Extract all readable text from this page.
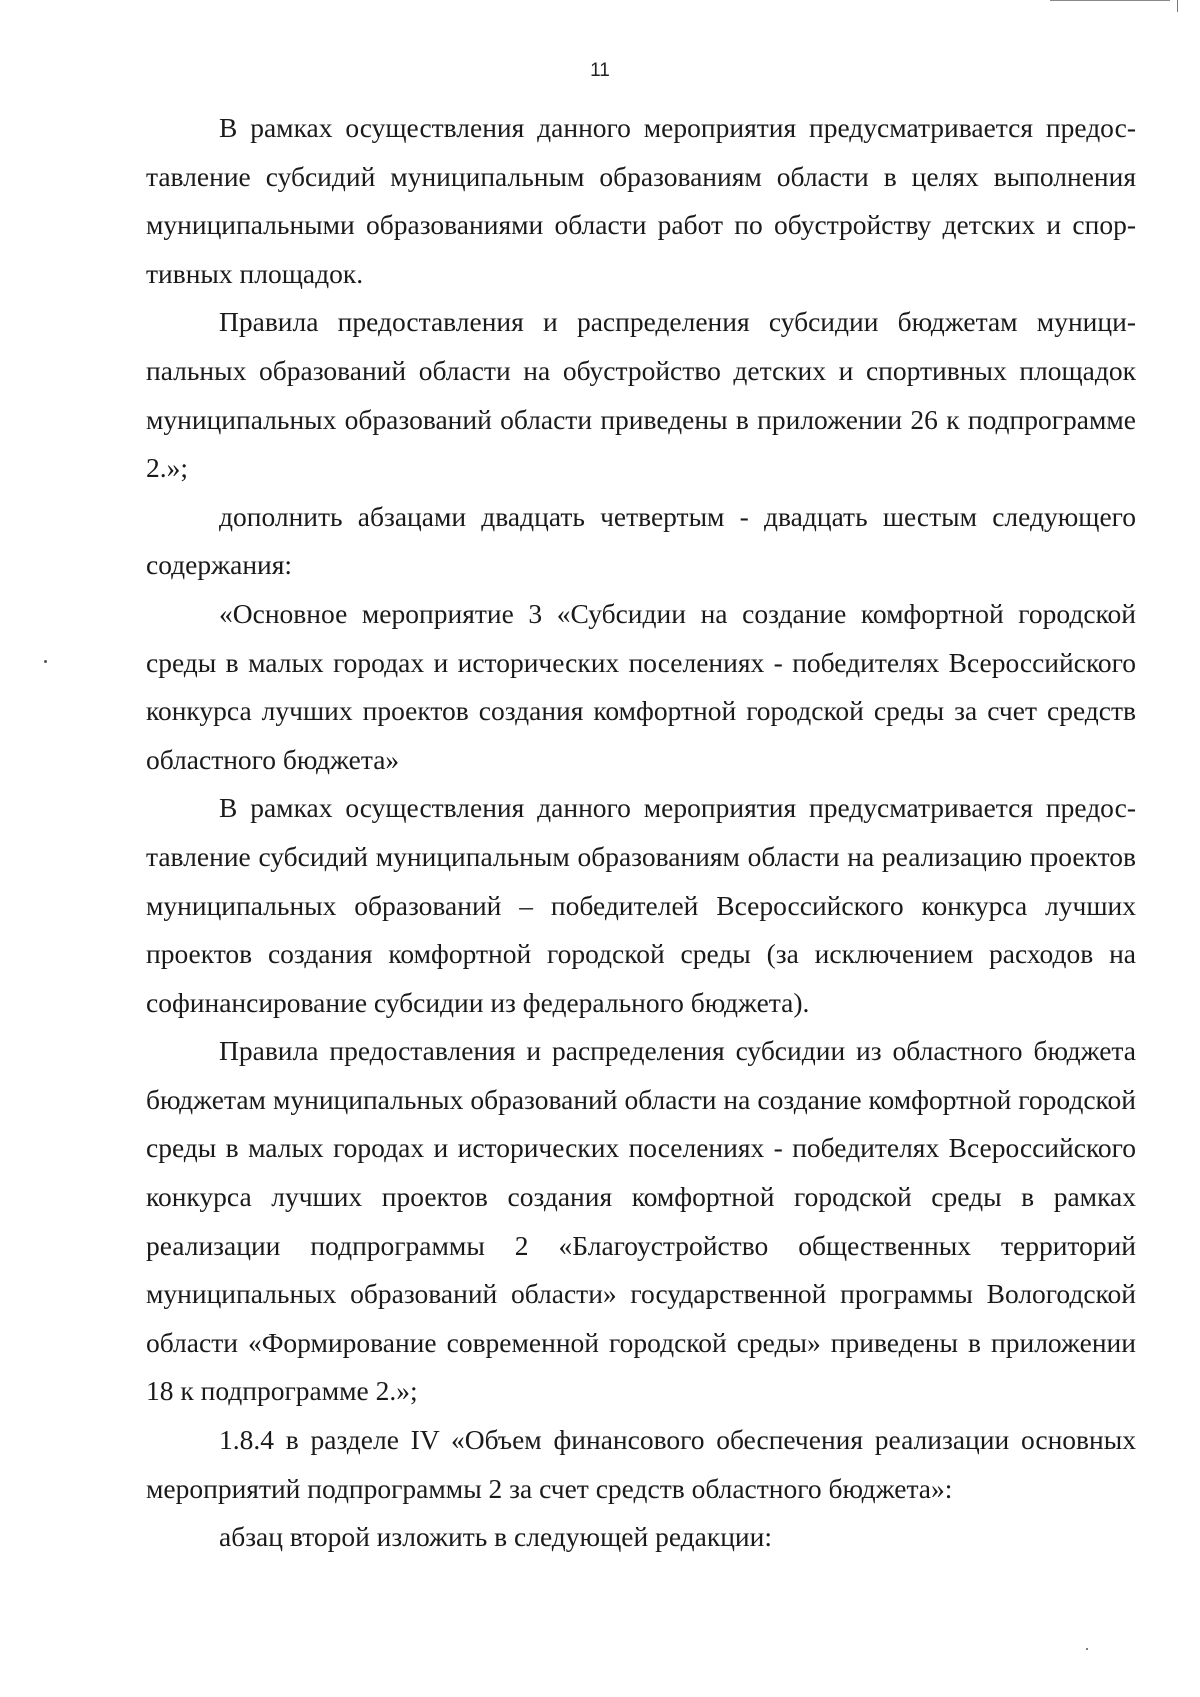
11

В рамках осуществления данного мероприятия предусматривается предоставление субсидий муниципальным образованиям области в целях выполнения муниципальными образованиями области работ по обустройству детских и спортивных площадок.

Правила предоставления и распределения субсидии бюджетам муниципальных образований области на обустройство детских и спортивных площадок муниципальных образований области приведены в приложении 26 к подпрограмме 2.»;

дополнить абзацами двадцать четвертым - двадцать шестым следующего содержания:

«Основное мероприятие 3 «Субсидии на создание комфортной городской среды в малых городах и исторических поселениях - победителях Всероссийского конкурса лучших проектов создания комфортной городской среды за счет средств областного бюджета»

В рамках осуществления данного мероприятия предусматривается предоставление субсидий муниципальным образованиям области на реализацию проектов муниципальных образований – победителей Всероссийского конкурса лучших проектов создания комфортной городской среды (за исключением расходов на софинансирование субсидии из федерального бюджета).

Правила предоставления и распределения субсидии из областного бюджета бюджетам муниципальных образований области на создание комфортной городской среды в малых городах и исторических поселениях - победителях Всероссийского конкурса лучших проектов создания комфортной городской среды в рамках реализации подпрограммы 2 «Благоустройство общественных территорий муниципальных образований области» государственной программы Вологодской области «Формирование современной городской среды» приведены в приложении 18 к подпрограмме 2.»;

1.8.4 в разделе IV «Объем финансового обеспечения реализации основных мероприятий подпрограммы 2 за счет средств областного бюджета»:

абзац второй изложить в следующей редакции:
